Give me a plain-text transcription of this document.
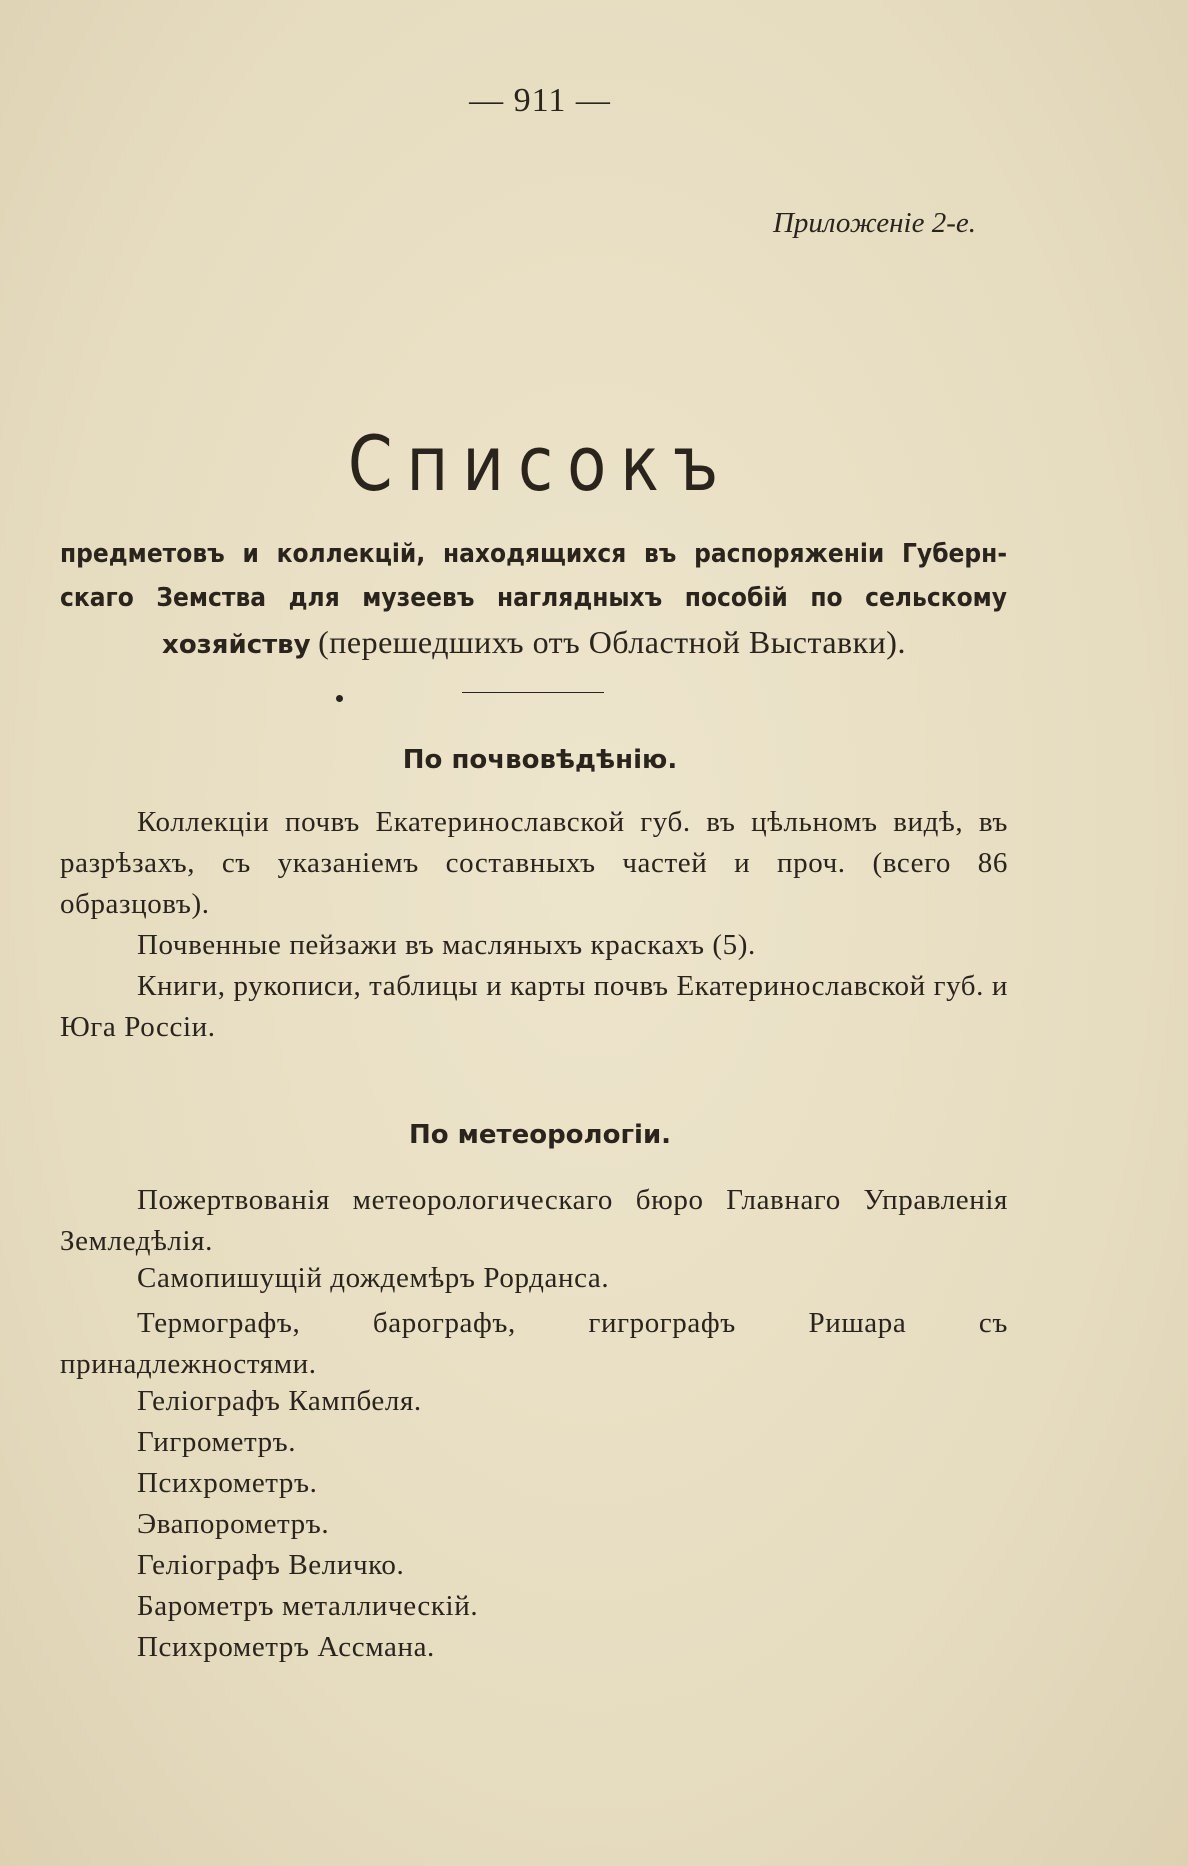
— 911 —
Приложенiе 2-е.
Списокъ
предметовъ и коллекцiй, находящихся въ распоряженiи Губерн-
скаго Земства для музеевъ наглядныхъ пособiй по сельскому
хозяйству (перешедшихъ отъ Областной Выставки).
По почвовѣдѣнiю.

Коллекцiи почвъ Екатеринославской губ. въ цѣльномъ видѣ, въ разрѣзахъ, съ указанiемъ составныхъ частей и проч. (всего 86 образцовъ).

Почвенные пейзажи въ масляныхъ краскахъ (5).

Книги, рукописи, таблицы и карты почвъ Екатеринославской губ. и Юга Россiи.

По метеорологiи.

Пожертвованiя метеорологическаго бюро Главнаго Управленiя Земледѣлiя.

Самопишущiй дождемѣръ Рорданса.

Термографъ, барографъ, гигрографъ Ришара съ принадлежностями.

Гелiографъ Кампбеля.
Гигрометръ.
Психрометръ.
Эвапорометръ.
Гелiографъ Величко.
Барометръ металлическiй.
Психрометръ Ассмана.
